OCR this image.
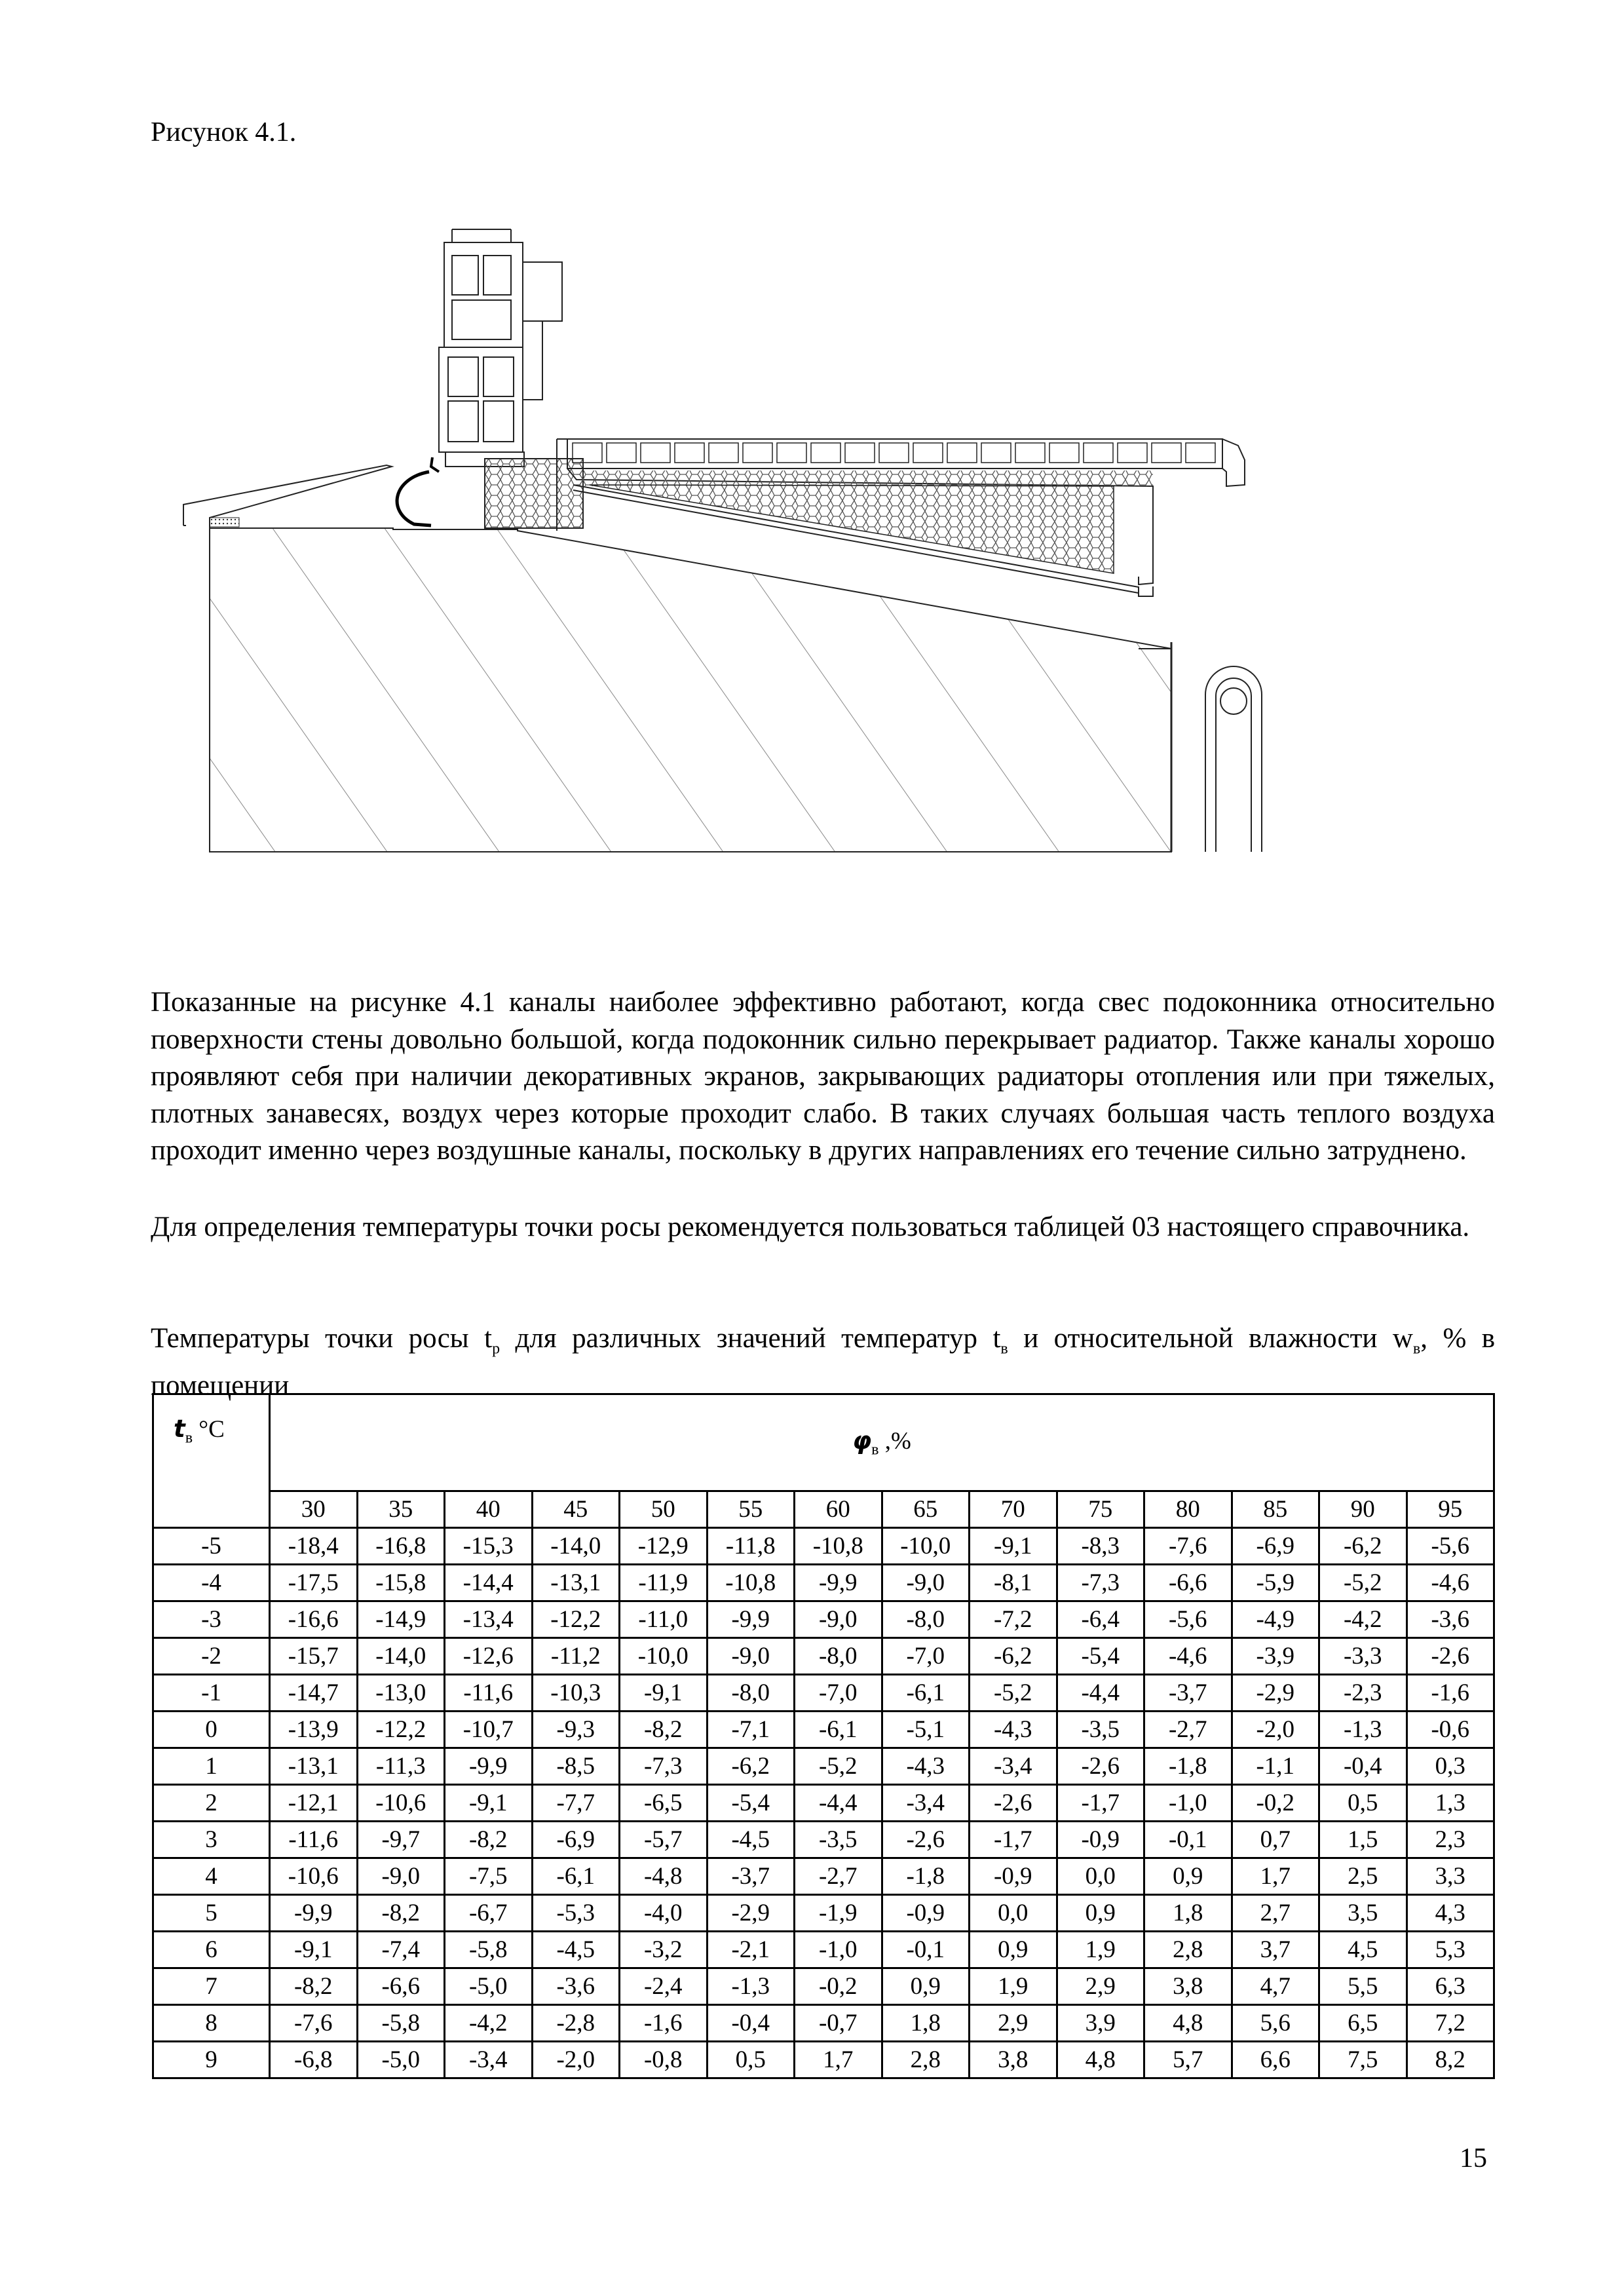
Рисунок 4.1.
Показанные на рисунке 4.1 каналы наиболее эффективно работают, когда свес подоконника относительно поверхности стены довольно большой, когда подоконник сильно перекрывает радиатор. Также каналы хорошо проявляют себя при наличии декоративных экранов, закрывающих радиаторы отопления или при тяжелых, плотных занавесях, воздух через которые проходит слабо. В таких случаях большая часть теплого воздуха проходит именно через воздушные каналы, поскольку в других направлениях его течение сильно затруднено.
Для определения температуры точки росы рекомендуется пользоваться таблицей 03 настоящего справочника.
Температуры точки росы $t_р$ для различных значений температур $t_в$ и относительной влажности $w_в$, % в помещении
$t_в$ °С	$\varphi_в$ ,%													
	30	35	40	45	50	55	60	65	70	75	80	85	90	95
-5	-18,4	-16,8	-15,3	-14,0	-12,9	-11,8	-10,8	-10,0	-9,1	-8,3	-7,6	-6,9	-6,2	-5,6
-4	-17,5	-15,8	-14,4	-13,1	-11,9	-10,8	-9,9	-9,0	-8,1	-7,3	-6,6	-5,9	-5,2	-4,6
-3	-16,6	-14,9	-13,4	-12,2	-11,0	-9,9	-9,0	-8,0	-7,2	-6,4	-5,6	-4,9	-4,2	-3,6
-2	-15,7	-14,0	-12,6	-11,2	-10,0	-9,0	-8,0	-7,0	-6,2	-5,4	-4,6	-3,9	-3,3	-2,6
-1	-14,7	-13,0	-11,6	-10,3	-9,1	-8,0	-7,0	-6,1	-5,2	-4,4	-3,7	-2,9	-2,3	-1,6
0	-13,9	-12,2	-10,7	-9,3	-8,2	-7,1	-6,1	-5,1	-4,3	-3,5	-2,7	-2,0	-1,3	-0,6
1	-13,1	-11,3	-9,9	-8,5	-7,3	-6,2	-5,2	-4,3	-3,4	-2,6	-1,8	-1,1	-0,4	0,3
2	-12,1	-10,6	-9,1	-7,7	-6,5	-5,4	-4,4	-3,4	-2,6	-1,7	-1,0	-0,2	0,5	1,3
3	-11,6	-9,7	-8,2	-6,9	-5,7	-4,5	-3,5	-2,6	-1,7	-0,9	-0,1	0,7	1,5	2,3
4	-10,6	-9,0	-7,5	-6,1	-4,8	-3,7	-2,7	-1,8	-0,9	0,0	0,9	1,7	2,5	3,3
5	-9,9	-8,2	-6,7	-5,3	-4,0	-2,9	-1,9	-0,9	0,0	0,9	1,8	2,7	3,5	4,3
6	-9,1	-7,4	-5,8	-4,5	-3,2	-2,1	-1,0	-0,1	0,9	1,9	2,8	3,7	4,5	5,3
7	-8,2	-6,6	-5,0	-3,6	-2,4	-1,3	-0,2	0,9	1,9	2,9	3,8	4,7	5,5	6,3
8	-7,6	-5,8	-4,2	-2,8	-1,6	-0,4	-0,7	1,8	2,9	3,9	4,8	5,6	6,5	7,2
9	-6,8	-5,0	-3,4	-2,0	-0,8	0,5	1,7	2,8	3,8	4,8	5,7	6,6	7,5	8,2
15
